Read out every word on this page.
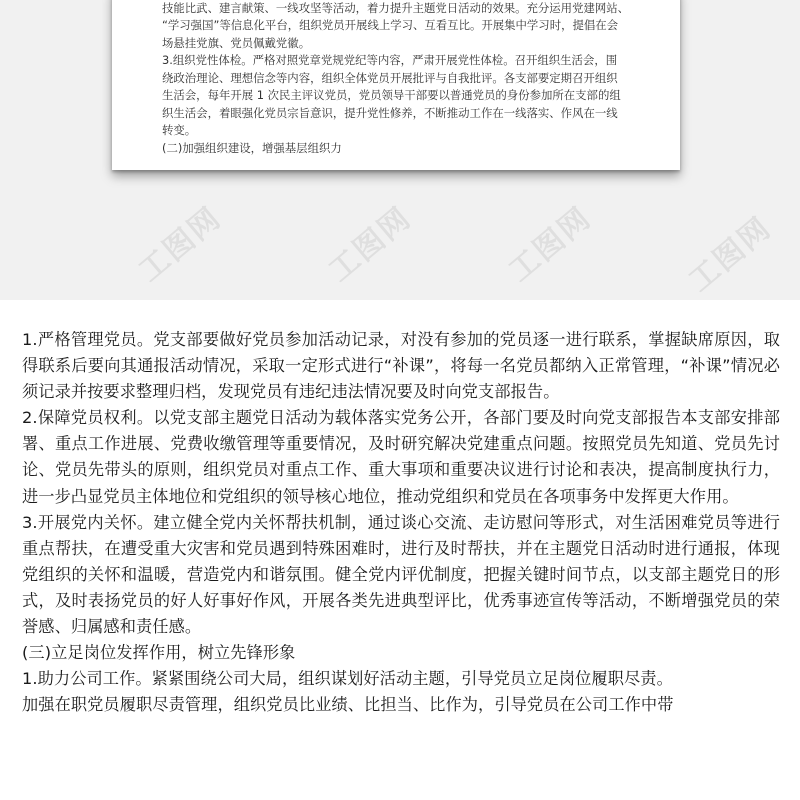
技能比武、建言献策、一线攻坚等活动，着力提升主题党日活动的效果。充分运用党建网站、

“学习强国”等信息化平台，组织党员开展线上学习、互看互比。开展集中学习时，提倡在会

场悬挂党旗、党员佩戴党徽。

3.组织党性体检。严格对照党章党规党纪等内容，严肃开展党性体检。召开组织生活会，围

绕政治理论、理想信念等内容，组织全体党员开展批评与自我批评。各支部要定期召开组织

生活会，每年开展 1 次民主评议党员，党员领导干部要以普通党员的身份参加所在支部的组

织生活会，着眼强化党员宗旨意识，提升党性修养，不断推动工作在一线落实、作风在一线

转变。

(二)加强组织建设，增强基层组织力

工图网	工图网	工图网	工图网

1.严格管理党员。党支部要做好党员参加活动记录，对没有参加的党员逐一进行联系，掌握缺席原因，取得联系后要向其通报活动情况，采取一定形式进行“补课”，将每一名党员都纳入正常管理，“补课”情况必须记录并按要求整理归档，发现党员有违纪违法情况要及时向党支部报告。

2.保障党员权利。以党支部主题党日活动为载体落实党务公开，各部门要及时向党支部报告本支部安排部署、重点工作进展、党费收缴管理等重要情况，及时研究解决党建重点问题。按照党员先知道、党员先讨论、党员先带头的原则，组织党员对重点工作、重大事项和重要决议进行讨论和表决，提高制度执行力，进一步凸显党员主体地位和党组织的领导核心地位，推动党组织和党员在各项事务中发挥更大作用。

3.开展党内关怀。建立健全党内关怀帮扶机制，通过谈心交流、走访慰问等形式，对生活困难党员等进行重点帮扶，在遭受重大灾害和党员遇到特殊困难时，进行及时帮扶，并在主题党日活动时进行通报，体现党组织的关怀和温暖，营造党内和谐氛围。健全党内评优制度，把握关键时间节点，以支部主题党日的形式，及时表扬党员的好人好事好作风，开展各类先进典型评比，优秀事迹宣传等活动，不断增强党员的荣誉感、归属感和责任感。

(三)立足岗位发挥作用，树立先锋形象

1.助力公司工作。紧紧围绕公司大局，组织谋划好活动主题，引导党员立足岗位履职尽责。

加强在职党员履职尽责管理，组织党员比业绩、比担当、比作为，引导党员在公司工作中带
